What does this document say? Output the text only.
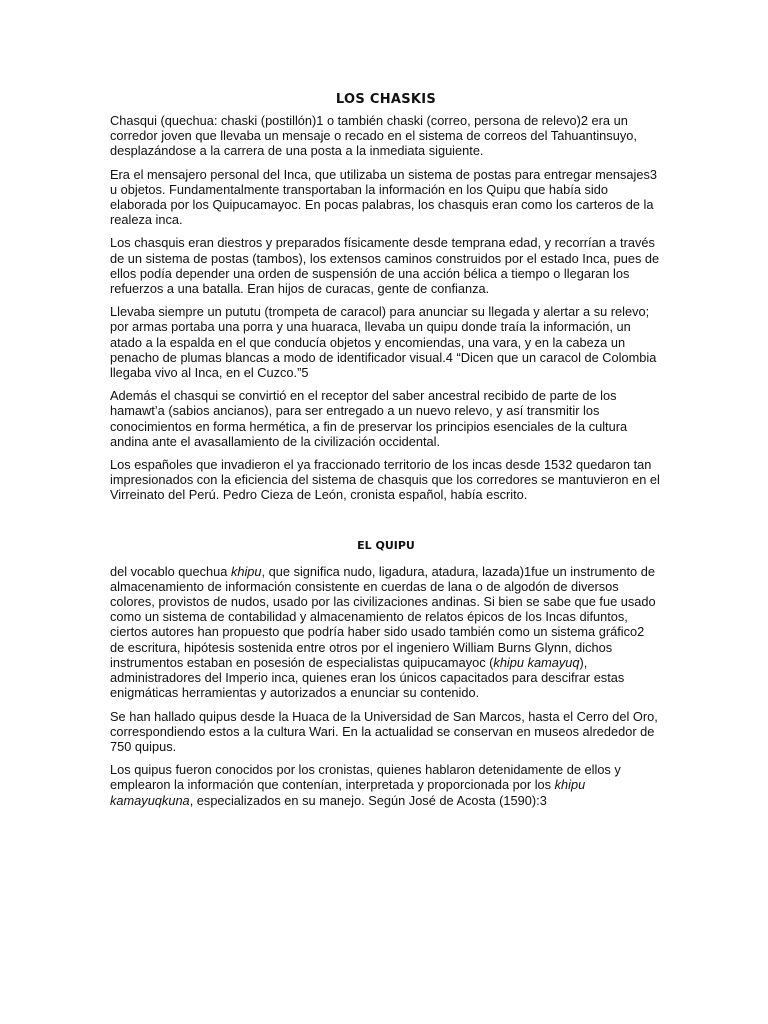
LOS CHASKIS

Chasqui (quechua: chaski (postillón)1 o también chaski (correo, persona de relevo)2 era un corredor joven que llevaba un mensaje o recado en el sistema de correos del Tahuantinsuyo, desplazándose a la carrera de una posta a la inmediata siguiente.

Era el mensajero personal del Inca, que utilizaba un sistema de postas para entregar mensajes3 u objetos. Fundamentalmente transportaban la información en los Quipu que había sido elaborada por los Quipucamayoc. En pocas palabras, los chasquis eran como los carteros de la realeza inca.

Los chasquis eran diestros y preparados físicamente desde temprana edad, y recorrían a través de un sistema de postas (tambos), los extensos caminos construidos por el estado Inca, pues de ellos podía depender una orden de suspensión de una acción bélica a tiempo o llegaran los refuerzos a una batalla. Eran hijos de curacas, gente de confianza.

Llevaba siempre un pututu (trompeta de caracol) para anunciar su llegada y alertar a su relevo; por armas portaba una porra y una huaraca, llevaba un quipu donde traía la información, un atado a la espalda en el que conducía objetos y encomiendas, una vara, y en la cabeza un penacho de plumas blancas a modo de identificador visual.4 “Dicen que un caracol de Colombia llegaba vivo al Inca, en el Cuzco.”5

Además el chasqui se convirtió en el receptor del saber ancestral recibido de parte de los hamawt’a (sabios ancianos), para ser entregado a un nuevo relevo, y así transmitir los conocimientos en forma hermética, a fin de preservar los principios esenciales de la cultura andina ante el avasallamiento de la civilización occidental.

Los españoles que invadieron el ya fraccionado territorio de los incas desde 1532 quedaron tan impresionados con la eficiencia del sistema de chasquis que los corredores se mantuvieron en el Virreinato del Perú. Pedro Cieza de León, cronista español, había escrito.

EL QUIPU

del vocablo quechua khipu, que significa nudo, ligadura, atadura, lazada)1fue un instrumento de almacenamiento de información consistente en cuerdas de lana o de algodón de diversos colores, provistos de nudos, usado por las civilizaciones andinas. Si bien se sabe que fue usado como un sistema de contabilidad y almacenamiento de relatos épicos de los Incas difuntos, ciertos autores han propuesto que podría haber sido usado también como un sistema gráfico2 de escritura, hipótesis sostenida entre otros por el ingeniero William Burns Glynn, dichos instrumentos estaban en posesión de especialistas quipucamayoc (khipu kamayuq), administradores del Imperio inca, quienes eran los únicos capacitados para descifrar estas enigmáticas herramientas y autorizados a enunciar su contenido.

Se han hallado quipus desde la Huaca de la Universidad de San Marcos, hasta el Cerro del Oro, correspondiendo estos a la cultura Wari. En la actualidad se conservan en museos alrededor de 750 quipus.

Los quipus fueron conocidos por los cronistas, quienes hablaron detenidamente de ellos y emplearon la información que contenían, interpretada y proporcionada por los khipu kamayuqkuna, especializados en su manejo. Según José de Acosta (1590):3
